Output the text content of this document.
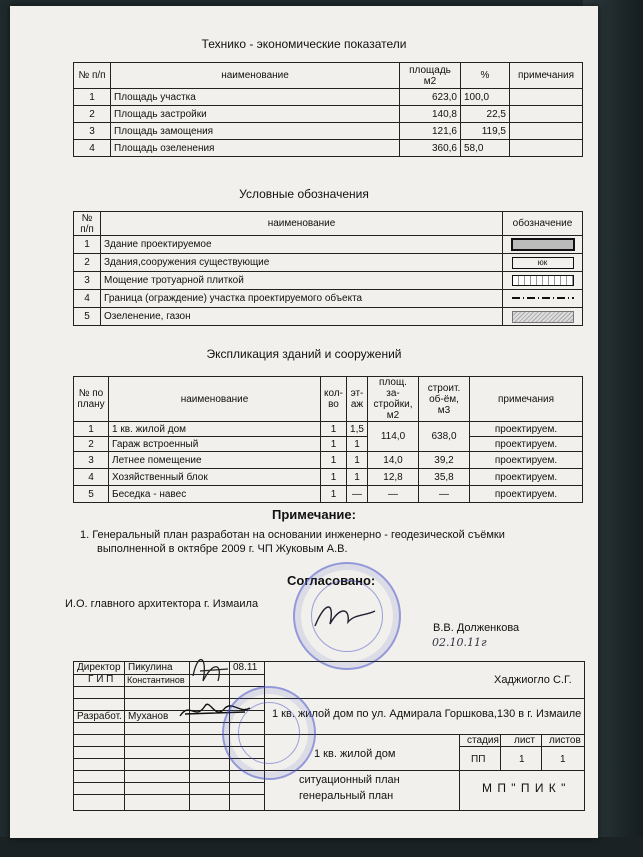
Технико - экономические показатели
№ п/п	наименование	площадь м2	%	примечания
1	Площадь участка	623,0	100,0	
2	Площадь застройки	140,8	22,5	
3	Площадь замощения	121,6	119,5	
4	Площадь озеленения	360,6	58,0	
Условные обозначения
№ п/п	наименование	обозначение
1	Здание проектируемое	
2	Здания,сооружения существующие	юк
3	Мощение тротуарной плиткой	
4	Граница (ограждение) участка проектируемого объекта	
5	Озеленение, газон	
Экспликация зданий и сооружений
№ по плану	наименование	кол-во	эт-аж	площ. за-стройки, м2	строит. об-ём, м3	примечания
1	1 кв. жилой дом	1	1,5	114,0	638,0	проектируем.
2	Гараж встроенный	1	1			проектируем.
3	Летнее помещение	1	1	14,0	39,2	проектируем.
4	Хозяйственный блок	1	1	12,8	35,8	проектируем.
5	Беседка - навес	1	—	—	—	проектируем.
Примечание:
1. Генеральный план разработан на основании инженерно - геодезической съёмки
выполненной в октябре 2009 г. ЧП Жуковым А.В.
Согласовано:
И.О. главного архитектора г. Измаила
В.В. Долженкова
02.10.11г
Директор Пикулина	08.11
Г И П Константинов
Разработ. Муханов
Хаджиогло С.Г.
1 кв. жилой дом по ул. Адмирала Горшкова,130 в г. Измаиле
1 кв. жилой дом
стадия лист листов
ПП	1	1
ситуационный план
генеральный план
М П " П И К "
